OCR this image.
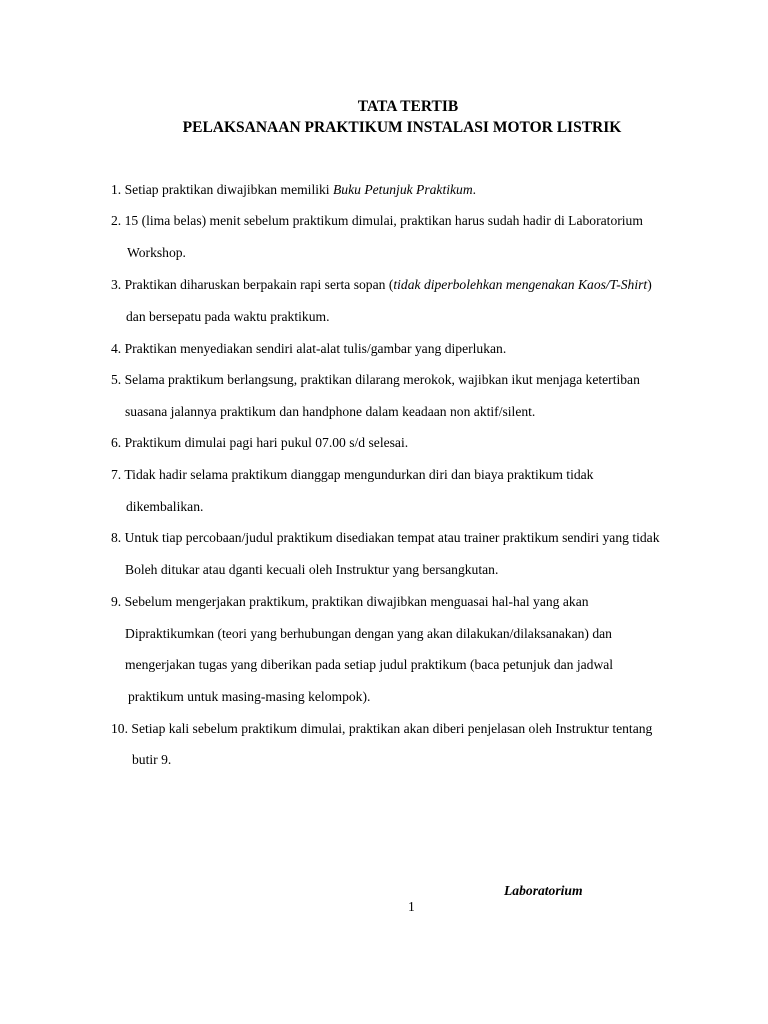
TATA TERTIB
PELAKSANAAN PRAKTIKUM INSTALASI MOTOR LISTRIK
1. Setiap praktikan diwajibkan memiliki Buku Petunjuk Praktikum.
2. 15 (lima belas) menit sebelum praktikum dimulai, praktikan harus sudah hadir di Laboratorium
Workshop.
3. Praktikan diharuskan berpakain rapi serta sopan (tidak diperbolehkan mengenakan Kaos/T-Shirt)
dan bersepatu pada waktu praktikum.
4. Praktikan menyediakan sendiri alat-alat tulis/gambar yang diperlukan.
5. Selama praktikum berlangsung, praktikan dilarang merokok, wajibkan ikut menjaga ketertiban
suasana jalannya praktikum dan handphone dalam keadaan non aktif/silent.
6. Praktikum dimulai pagi hari pukul 07.00 s/d selesai.
7. Tidak hadir selama praktikum dianggap mengundurkan diri dan biaya praktikum tidak
dikembalikan.
8. Untuk tiap percobaan/judul praktikum disediakan tempat atau trainer praktikum sendiri yang tidak
Boleh ditukar atau dganti kecuali oleh Instruktur yang bersangkutan.
9. Sebelum mengerjakan praktikum, praktikan diwajibkan menguasai hal-hal yang akan
Dipraktikumkan (teori yang berhubungan dengan yang akan dilakukan/dilaksanakan) dan
mengerjakan tugas yang diberikan pada setiap judul praktikum (baca petunjuk dan jadwal
praktikum untuk masing-masing kelompok).
10. Setiap kali sebelum praktikum dimulai, praktikan akan diberi penjelasan oleh Instruktur tentang
butir 9.
Laboratorium
1
